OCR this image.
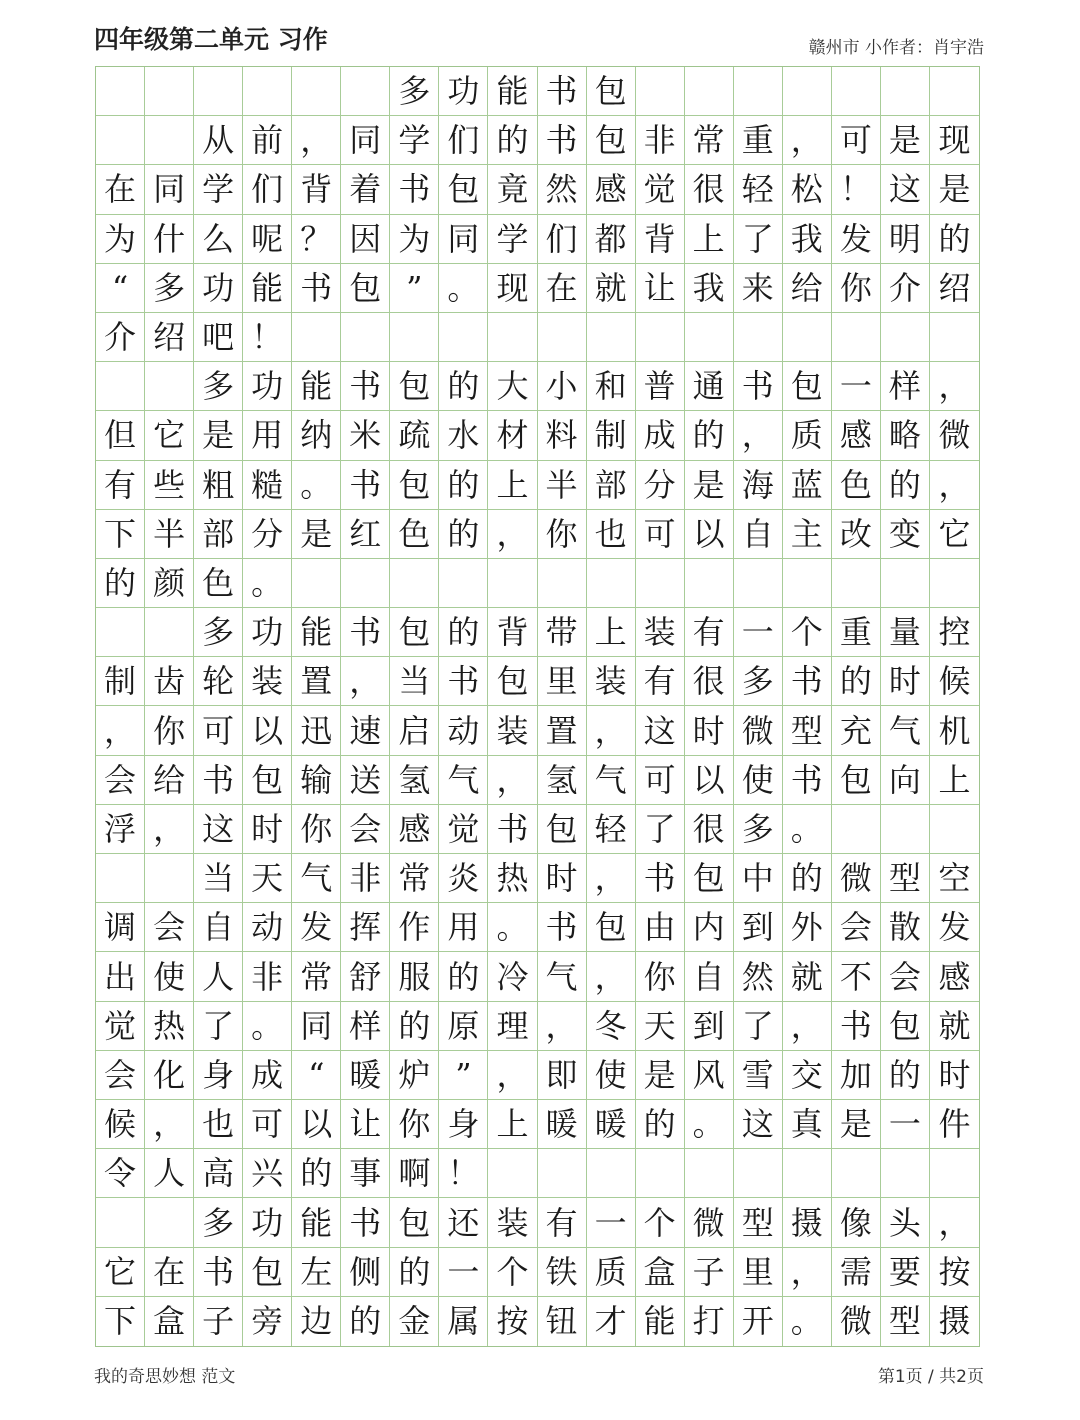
四年级第二单元 习作	赣州市 小作者：肖宇浩
多 功 能 书 包
从 前 ， 同 学 们 的 书 包 非 常 重 ， 可 是 现
在 同 学 们 背 着 书 包 竟 然 感 觉 很 轻 松 ！ 这 是
为 什 么 呢 ？ 因 为 同 学 们 都 背 上 了 我 发 明 的
“ 多 功 能 书 包 ” 。 现 在 就 让 我 来 给 你 介 绍
介 绍 吧 ！
多 功 能 书 包 的 大 小 和 普 通 书 包 一 样 ，
但 它 是 用 纳 米 疏 水 材 料 制 成 的 ， 质 感 略 微
有 些 粗 糙 。 书 包 的 上 半 部 分 是 海 蓝 色 的 ，
下 半 部 分 是 红 色 的 ， 你 也 可 以 自 主 改 变 它
的 颜 色 。
多 功 能 书 包 的 背 带 上 装 有 一 个 重 量 控
制 齿 轮 装 置 ， 当 书 包 里 装 有 很 多 书 的 时 候
， 你 可 以 迅 速 启 动 装 置 ， 这 时 微 型 充 气 机
会 给 书 包 输 送 氢 气 ， 氢 气 可 以 使 书 包 向 上
浮 ， 这 时 你 会 感 觉 书 包 轻 了 很 多 。
当 天 气 非 常 炎 热 时 ， 书 包 中 的 微 型 空
调 会 自 动 发 挥 作 用 。 书 包 由 内 到 外 会 散 发
出 使 人 非 常 舒 服 的 冷 气 ， 你 自 然 就 不 会 感
觉 热 了 。 同 样 的 原 理 ， 冬 天 到 了 ， 书 包 就
会 化 身 成 “ 暖 炉 ” ， 即 使 是 风 雪 交 加 的 时
候 ， 也 可 以 让 你 身 上 暖 暖 的 。 这 真 是 一 件
令 人 高 兴 的 事 啊 ！
多 功 能 书 包 还 装 有 一 个 微 型 摄 像 头 ，
它 在 书 包 左 侧 的 一 个 铁 质 盒 子 里 ， 需 要 按
下 盒 子 旁 边 的 金 属 按 钮 才 能 打 开 。 微 型 摄
我的奇思妙想 范文	第1页 / 共2页
